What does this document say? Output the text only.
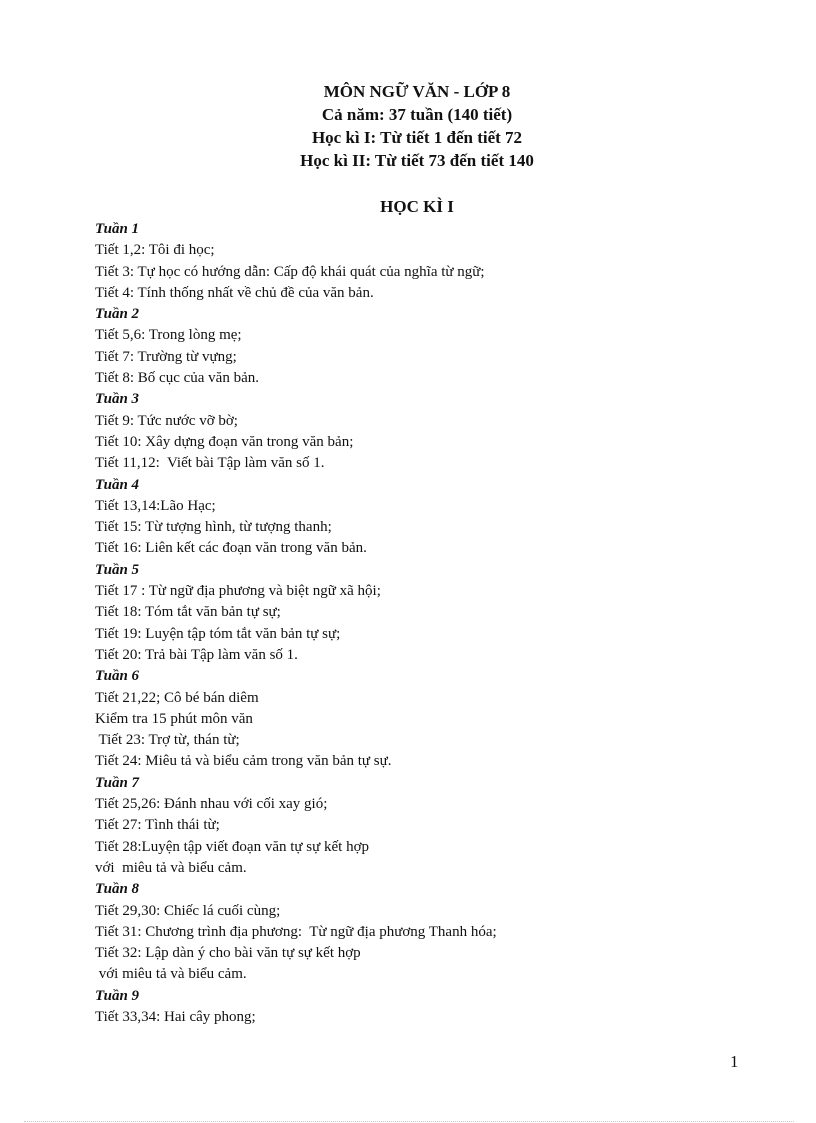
MÔN NGỮ VĂN - LỚP 8
Cả năm: 37 tuần (140 tiết)
Học kì I: Từ tiết 1 đến tiết 72
Học kì II: Từ tiết 73 đến tiết 140
HỌC KÌ I
Tuần 1
Tiết 1,2: Tôi đi học;
Tiết 3: Tự học có hướng dẫn: Cấp độ khái quát của nghĩa từ ngữ;
Tiết 4: Tính thống nhất về chủ đề của văn bản.
Tuần 2
Tiết 5,6: Trong lòng mẹ;
Tiết 7: Trường từ vựng;
Tiết 8: Bố cục của văn bản.
Tuần 3
Tiết 9: Tức nước vỡ bờ;
Tiết 10: Xây dựng đoạn văn trong văn bản;
Tiết 11,12:  Viết bài Tập làm văn số 1.
Tuần 4
Tiết 13,14:Lão Hạc;
Tiết 15: Từ tượng hình, từ tượng thanh;
Tiết 16: Liên kết các đoạn văn trong văn bản.
Tuần 5
Tiết 17 : Từ ngữ địa phương và biệt ngữ xã hội;
Tiết 18: Tóm tắt văn bản tự sự;
Tiết 19: Luyện tập tóm tắt văn bản tự sự;
Tiết 20: Trả bài Tập làm văn số 1.
Tuần 6
Tiết 21,22; Cô bé bán diêm
Kiểm tra 15 phút môn văn
Tiết 23: Trợ từ, thán từ;
Tiết 24: Miêu tả và biểu cảm trong văn bản tự sự.
Tuần 7
Tiết 25,26: Đánh nhau với cối xay gió;
Tiết 27: Tình thái từ;
Tiết 28:Luyện tập viết đoạn văn tự sự kết hợp
với  miêu tả và biểu cảm.
Tuần 8
Tiết 29,30: Chiếc lá cuối cùng;
Tiết 31: Chương trình địa phương:  Từ ngữ địa phương Thanh hóa;
Tiết 32: Lập dàn ý cho bài văn tự sự kết hợp
với miêu tả và biểu cảm.
Tuần 9
Tiết 33,34: Hai cây phong;
1
